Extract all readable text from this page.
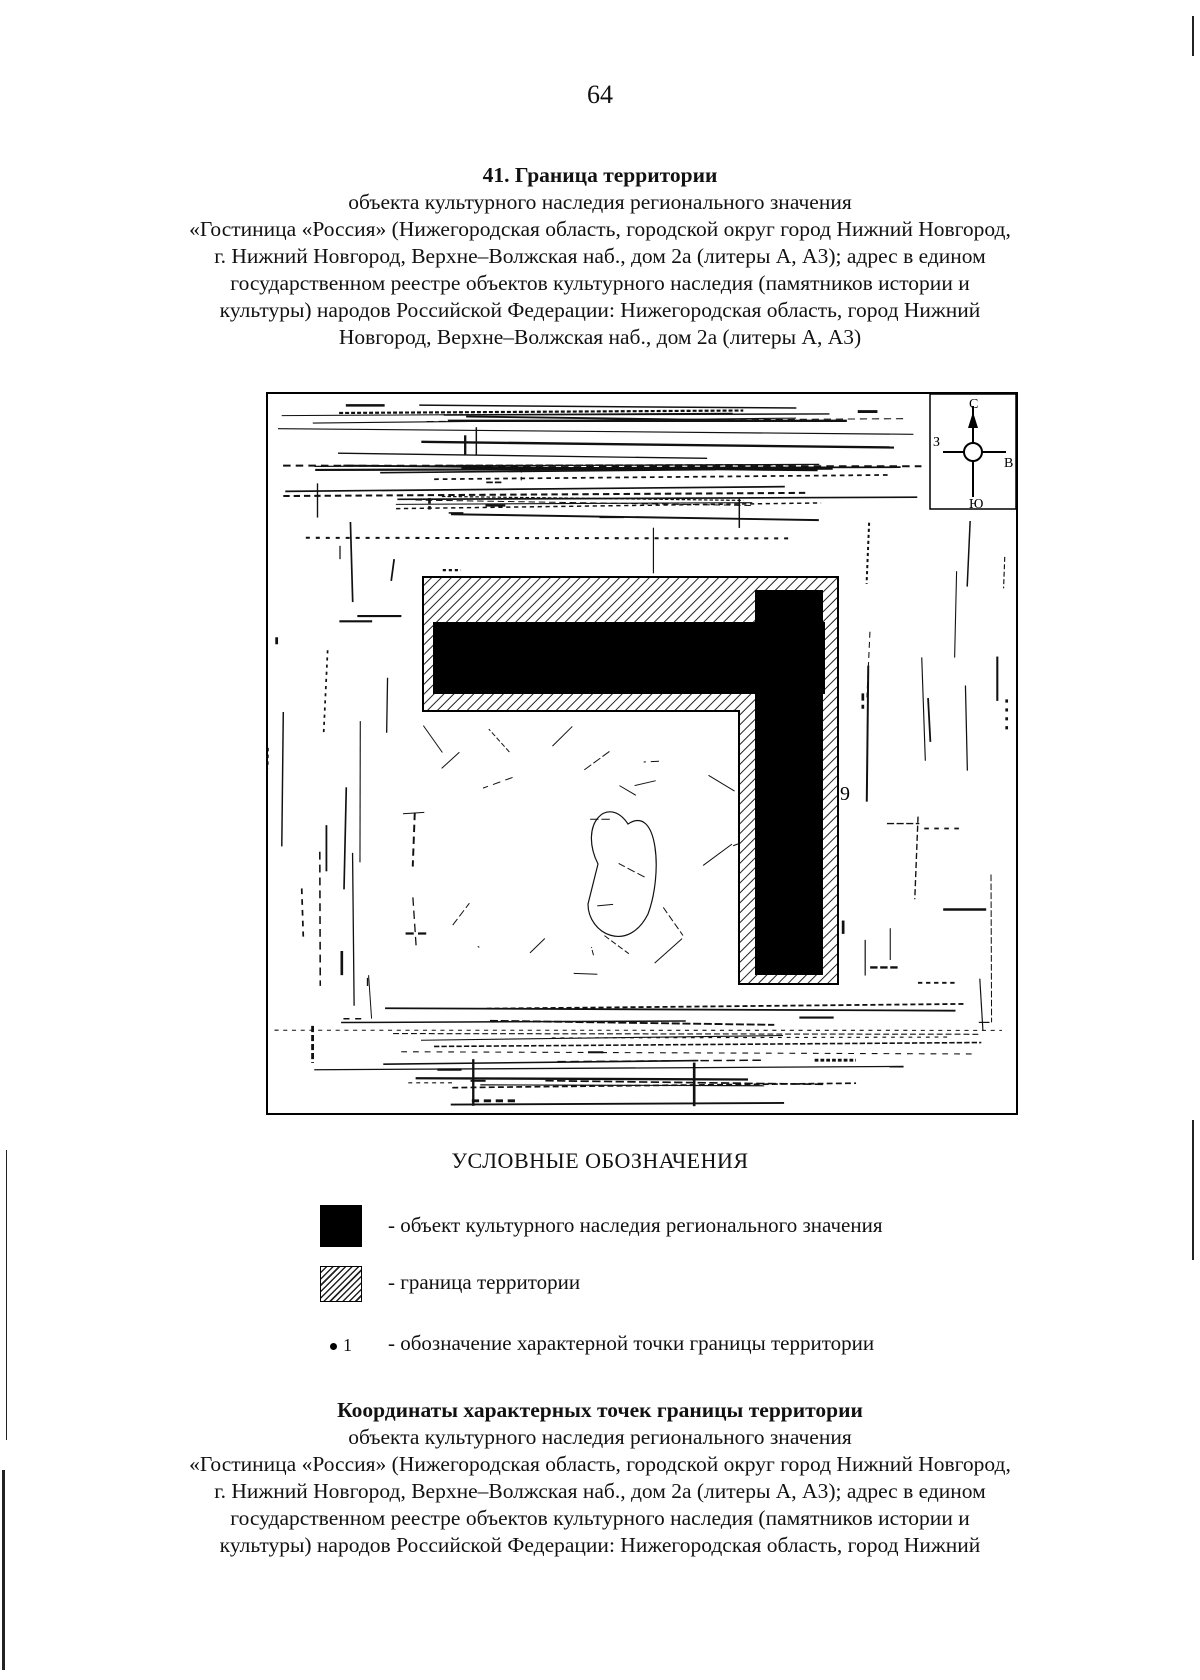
64
41. Граница территории
объекта культурного наследия регионального значения
«Гостиница «Россия» (Нижегородская область, городской округ город Нижний Новгород,
г. Нижний Новгород, Верхне–Волжская наб., дом 2а (литеры А, А3); адрес в едином
государственном реестре объектов культурного наследия (памятников истории и
культуры) народов Российской Федерации: Нижегородская область, город Нижний
Новгород, Верхне–Волжская наб., дом 2а (литеры А, А3)
С
Ю
З
В
9
УСЛОВНЫЕ ОБОЗНАЧЕНИЯ
- объект культурного наследия регионального значения
- граница территории
1 - обозначение характерной точки границы территории
Координаты характерных точек границы территории
объекта культурного наследия регионального значения
«Гостиница «Россия» (Нижегородская область, городской округ город Нижний Новгород,
г. Нижний Новгород, Верхне–Волжская наб., дом 2а (литеры А, А3); адрес в едином
государственном реестре объектов культурного наследия (памятников истории и
культуры) народов Российской Федерации: Нижегородская область, город Нижний
